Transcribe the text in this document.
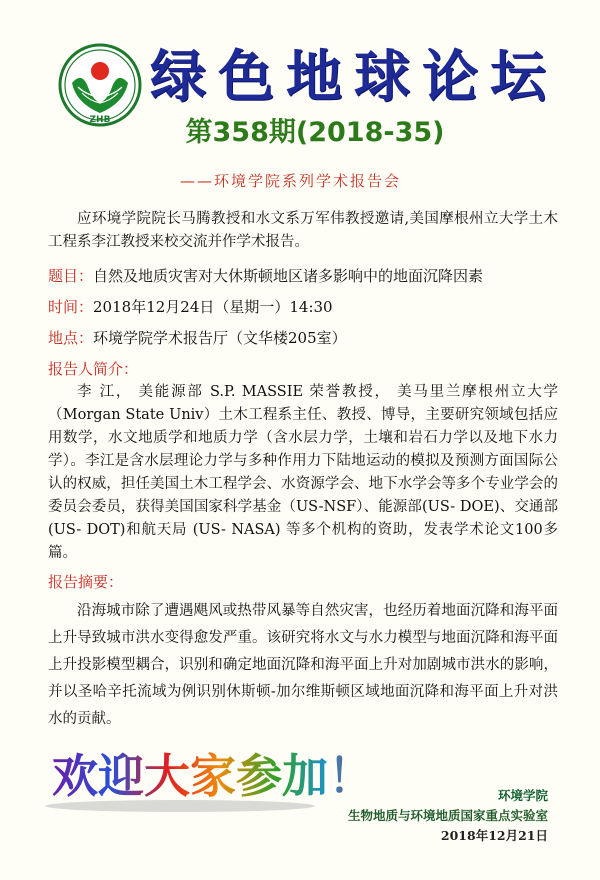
ZHB
绿色地球论坛
第358期(2018-35)
——环境学院系列学术报告会

应环境学院院长马腾教授和水文系万军伟教授邀请,美国摩根州立大学土木工程系李江教授来校交流并作学术报告。

题目：自然及地质灾害对大休斯顿地区诸多影响中的地面沉降因素
时间：2018年12月24日（星期一）14:30
地点：环境学院学术报告厅（文华楼205室）
报告人简介：

李 江， 美能源部 S.P. MASSIE 荣誉教授， 美马里兰摩根州立大学（Morgan State Univ）土木工程系主任、教授、博导，主要研究领域包括应用数学，水文地质学和地质力学（含水层力学，土壤和岩石力学以及地下水力学）。李江是含水层理论力学与多种作用力下陆地运动的模拟及预测方面国际公认的权威，担任美国土木工程学会、水资源学会、地下水学会等多个专业学会的委员会委员，获得美国国家科学基金（US-NSF）、能源部(US- DOE)、交通部(US- DOT)和航天局 (US- NASA) 等多个机构的资助，发表学术论文100多篇。

报告摘要：

沿海城市除了遭遇飓风或热带风暴等自然灾害，也经历着地面沉降和海平面上升导致城市洪水变得愈发严重。该研究将水文与水力模型与地面沉降和海平面上升投影模型耦合，识别和确定地面沉降和海平面上升对加剧城市洪水的影响，并以圣哈辛托流域为例识别休斯顿-加尔维斯顿区域地面沉降和海平面上升对洪水的贡献。

欢迎大家参加！	环境学院
生物地质与环境地质国家重点实验室
2018年12月21日
